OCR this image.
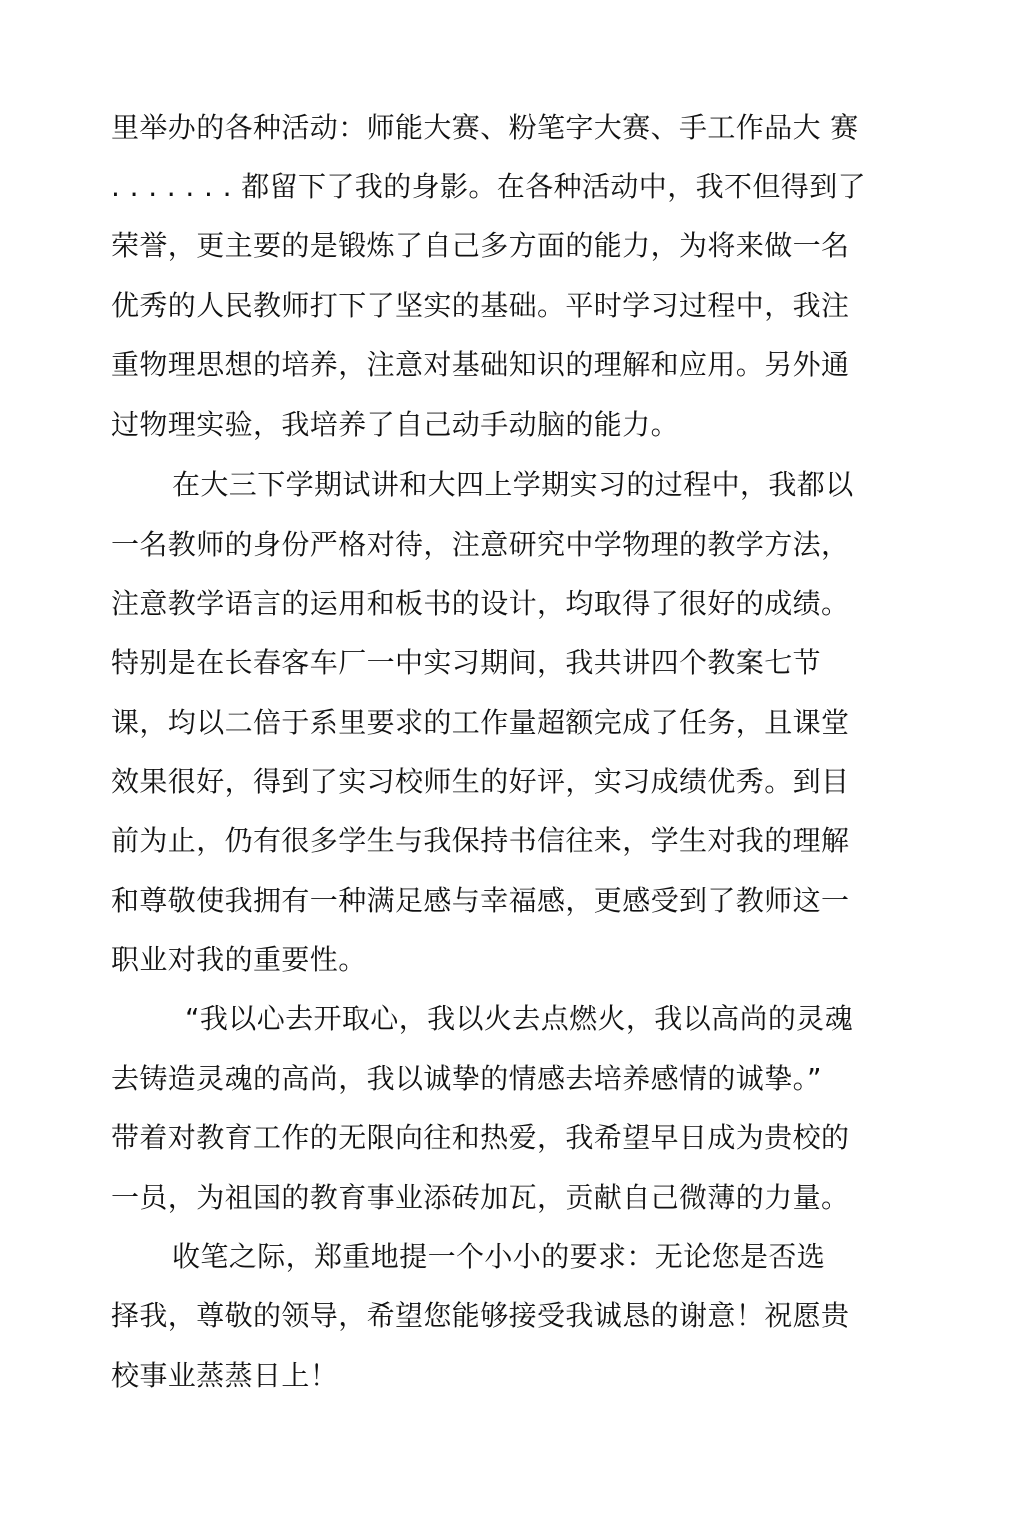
里举办的各种活动：师能大赛、粉笔字大赛、手工作品大 赛
. . . . . . . 都留下了我的身影。在各种活动中，我不但得到了
荣誉，更主要的是锻炼了自己多方面的能力，为将来做一名
优秀的人民教师打下了坚实的基础。平时学习过程中，我注
重物理思想的培养，注意对基础知识的理解和应用。另外通
过物理实验，我培养了自己动手动脑的能力。
在大三下学期试讲和大四上学期实习的过程中，我都以
一名教师的身份严格对待，注意研究中学物理的教学方法，
注意教学语言的运用和板书的设计，均取得了很好的成绩。
特别是在长春客车厂一中实习期间，我共讲四个教案七节
课，均以二倍于系里要求的工作量超额完成了任务，且课堂
效果很好，得到了实习校师生的好评，实习成绩优秀。到目
前为止，仍有很多学生与我保持书信往来，学生对我的理解
和尊敬使我拥有一种满足感与幸福感，更感受到了教师这一
职业对我的重要性。
“我以心去开取心，我以火去点燃火，我以高尚的灵魂
去铸造灵魂的高尚，我以诚挚的情感去培养感情的诚挚。”
带着对教育工作的无限向往和热爱，我希望早日成为贵校的
一员，为祖国的教育事业添砖加瓦，贡献自己微薄的力量。
收笔之际，郑重地提一个小小的要求：无论您是否选
择我，尊敬的领导，希望您能够接受我诚恳的谢意！祝愿贵
校事业蒸蒸日上！
